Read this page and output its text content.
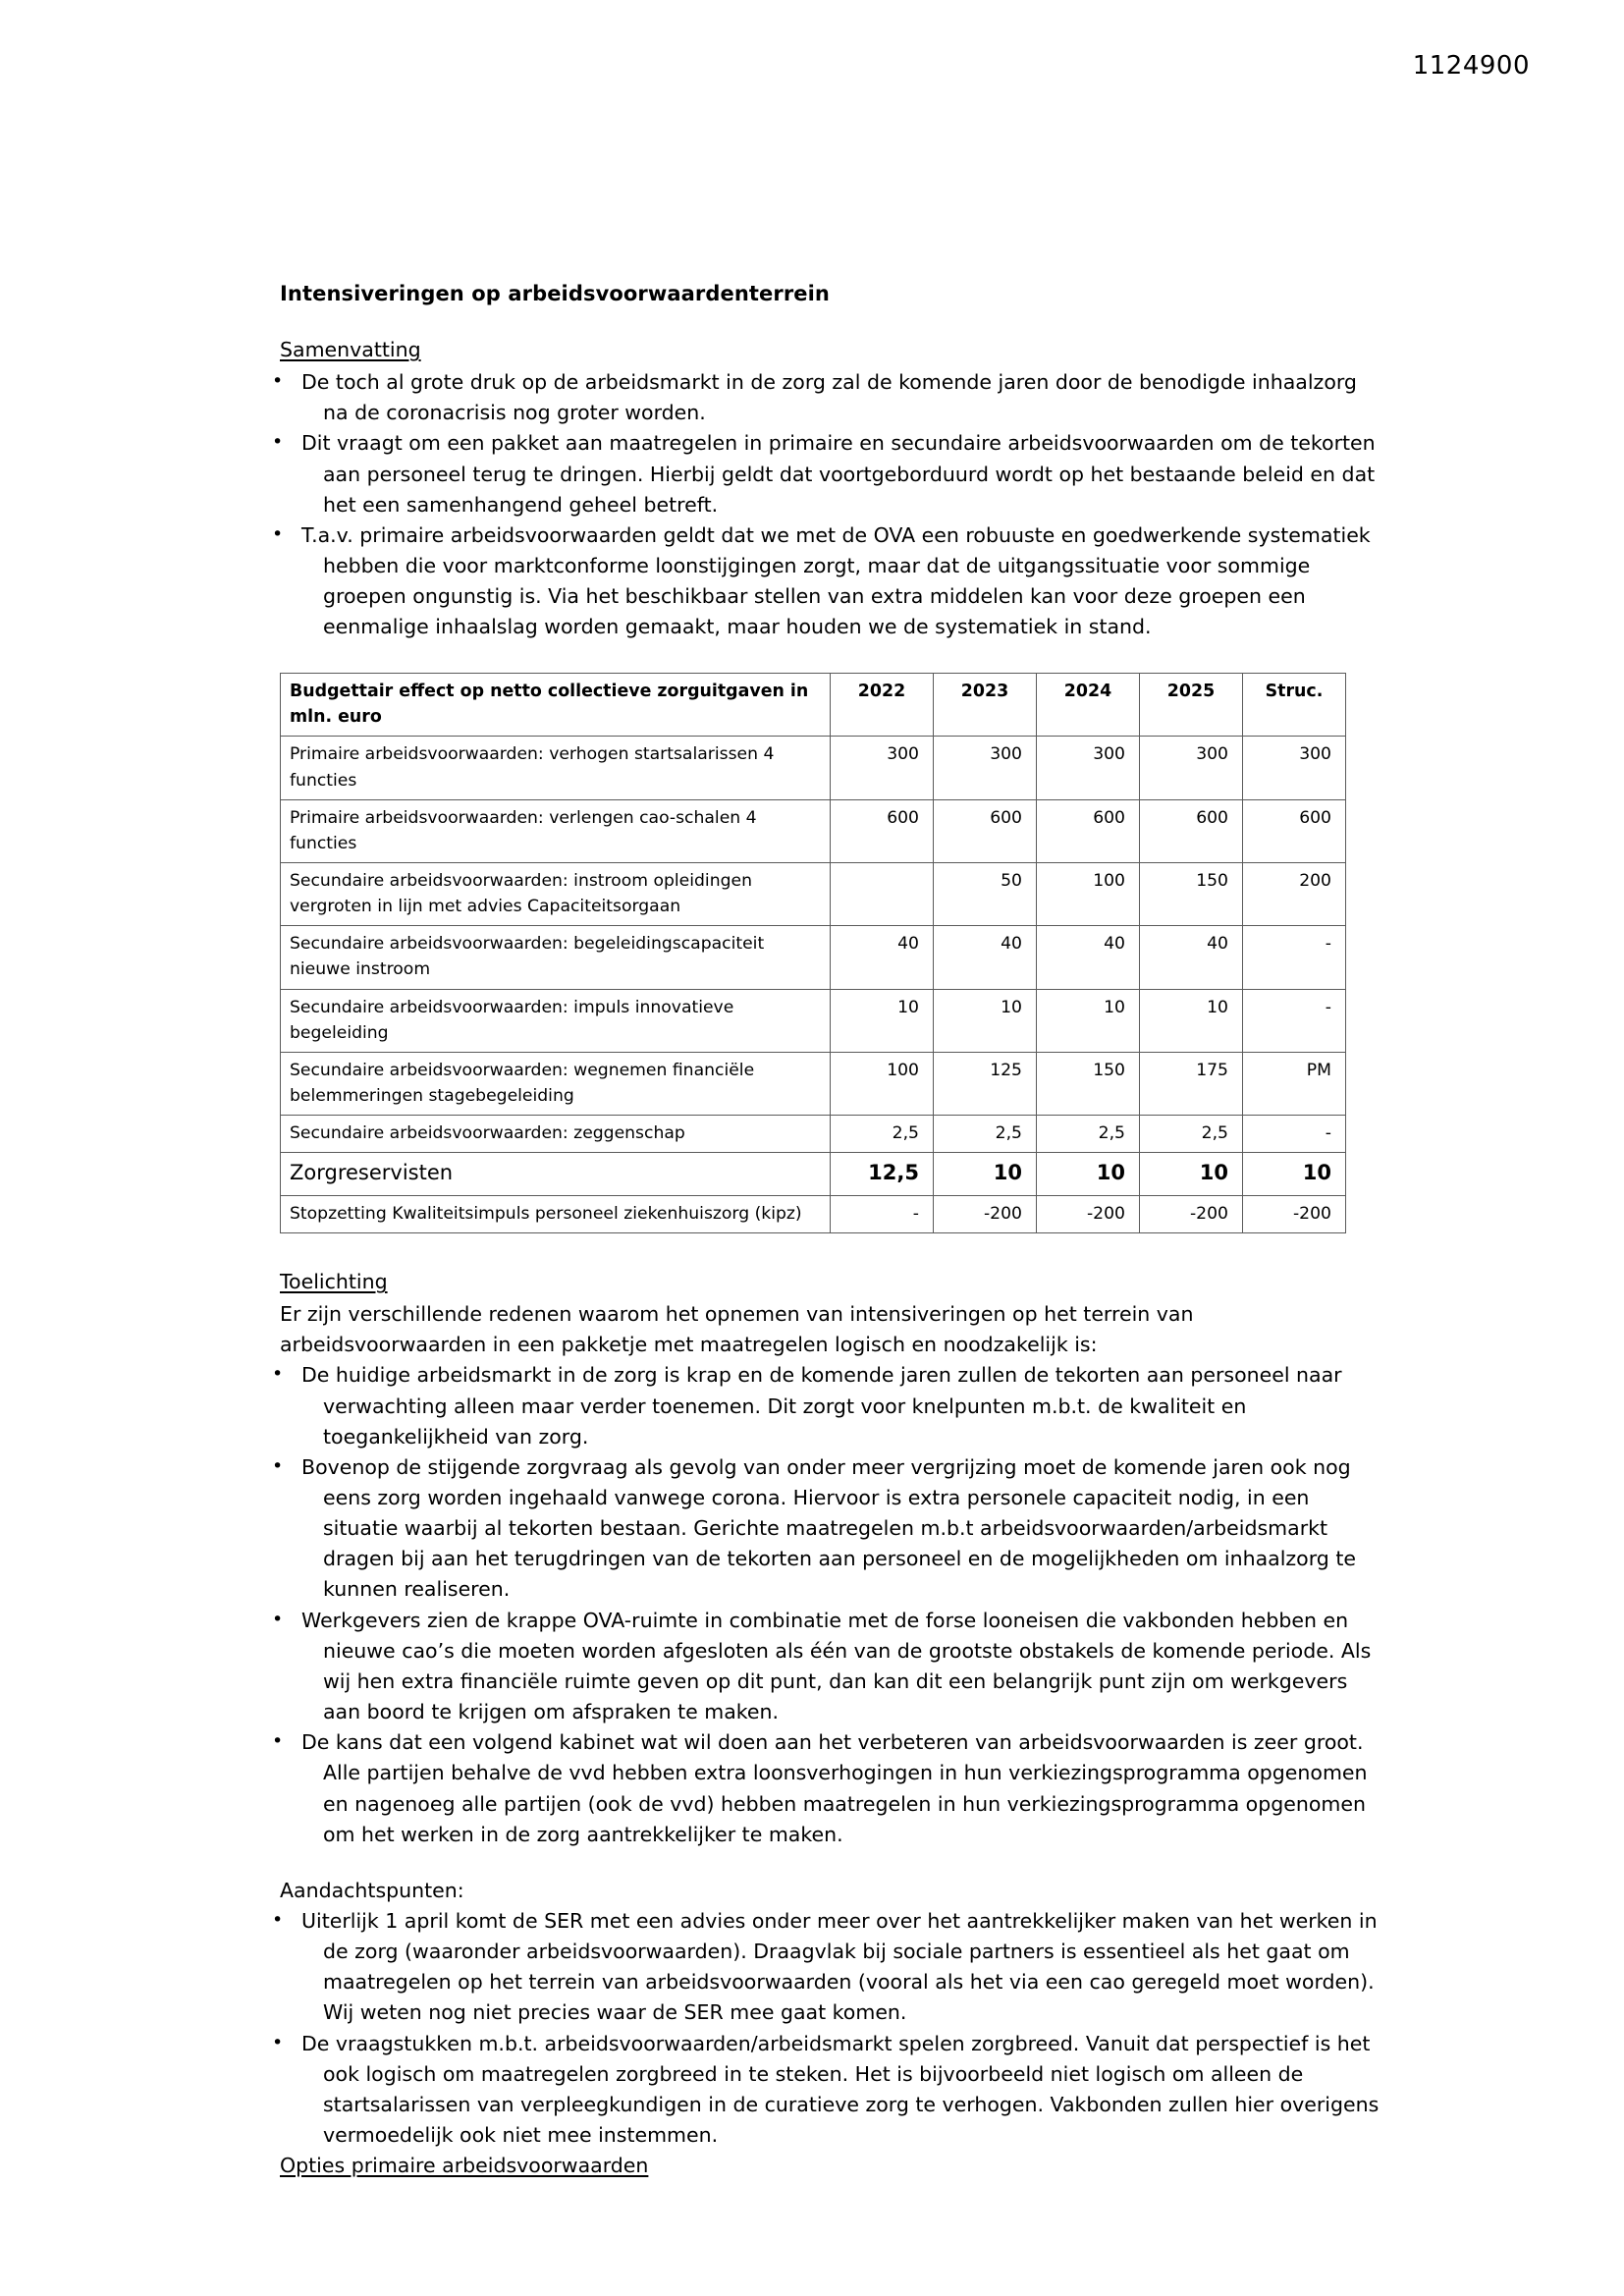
1124900
Intensiveringen op arbeidsvoorwaardenterrein
Samenvatting
• De toch al grote druk op de arbeidsmarkt in de zorg zal de komende jaren door de benodigde inhaalzorg na de coronacrisis nog groter worden.
• Dit vraagt om een pakket aan maatregelen in primaire en secundaire arbeidsvoorwaarden om de tekorten aan personeel terug te dringen. Hierbij geldt dat voortgeborduurd wordt op het bestaande beleid en dat het een samenhangend geheel betreft.
• T.a.v. primaire arbeidsvoorwaarden geldt dat we met de OVA een robuuste en goedwerkende systematiek hebben die voor marktconforme loonstijgingen zorgt, maar dat de uitgangssituatie voor sommige groepen ongunstig is. Via het beschikbaar stellen van extra middelen kan voor deze groepen een eenmalige inhaalslag worden gemaakt, maar houden we de systematiek in stand.
Budgettair effect op netto collectieve zorguitgaven in mln. euro	2022	2023	2024	2025	Struc.
Primaire arbeidsvoorwaarden: verhogen startsalarissen 4 functies	300	300	300	300	300
Primaire arbeidsvoorwaarden: verlengen cao-schalen 4 functies	600	600	600	600	600
Secundaire arbeidsvoorwaarden: instroom opleidingen vergroten in lijn met advies Capaciteitsorgaan		50	100	150	200
Secundaire arbeidsvoorwaarden: begeleidingscapaciteit nieuwe instroom	40	40	40	40	-
Secundaire arbeidsvoorwaarden: impuls innovatieve begeleiding	10	10	10	10	-
Secundaire arbeidsvoorwaarden: wegnemen financiële belemmeringen stagebegeleiding	100	125	150	175	PM
Secundaire arbeidsvoorwaarden: zeggenschap	2,5	2,5	2,5	2,5	-
Zorgreservisten	12,5	10	10	10	10
Stopzetting Kwaliteitsimpuls personeel ziekenhuiszorg (kipz)	-	-200	-200	-200	-200
Toelichting

Er zijn verschillende redenen waarom het opnemen van intensiveringen op het terrein van arbeidsvoorwaarden in een pakketje met maatregelen logisch en noodzakelijk is:

• De huidige arbeidsmarkt in de zorg is krap en de komende jaren zullen de tekorten aan personeel naar verwachting alleen maar verder toenemen. Dit zorgt voor knelpunten m.b.t. de kwaliteit en toegankelijkheid van zorg.
• Bovenop de stijgende zorgvraag als gevolg van onder meer vergrijzing moet de komende jaren ook nog eens zorg worden ingehaald vanwege corona. Hiervoor is extra personele capaciteit nodig, in een situatie waarbij al tekorten bestaan. Gerichte maatregelen m.b.t arbeidsvoorwaarden/arbeidsmarkt dragen bij aan het terugdringen van de tekorten aan personeel en de mogelijkheden om inhaalzorg te kunnen realiseren.
• Werkgevers zien de krappe OVA-ruimte in combinatie met de forse looneisen die vakbonden hebben en nieuwe cao’s die moeten worden afgesloten als één van de grootste obstakels de komende periode. Als wij hen extra financiële ruimte geven op dit punt, dan kan dit een belangrijk punt zijn om werkgevers aan boord te krijgen om afspraken te maken.
• De kans dat een volgend kabinet wat wil doen aan het verbeteren van arbeidsvoorwaarden is zeer groot. Alle partijen behalve de vvd hebben extra loonsverhogingen in hun verkiezingsprogramma opgenomen en nagenoeg alle partijen (ook de vvd) hebben maatregelen in hun verkiezingsprogramma opgenomen om het werken in de zorg aantrekkelijker te maken.
Aandachtspunten:
• Uiterlijk 1 april komt de SER met een advies onder meer over het aantrekkelijker maken van het werken in de zorg (waaronder arbeidsvoorwaarden). Draagvlak bij sociale partners is essentieel als het gaat om maatregelen op het terrein van arbeidsvoorwaarden (vooral als het via een cao geregeld moet worden). Wij weten nog niet precies waar de SER mee gaat komen.
• De vraagstukken m.b.t. arbeidsvoorwaarden/arbeidsmarkt spelen zorgbreed. Vanuit dat perspectief is het ook logisch om maatregelen zorgbreed in te steken. Het is bijvoorbeeld niet logisch om alleen de startsalarissen van verpleegkundigen in de curatieve zorg te verhogen. Vakbonden zullen hier overigens vermoedelijk ook niet mee instemmen.
Opties primaire arbeidsvoorwaarden
